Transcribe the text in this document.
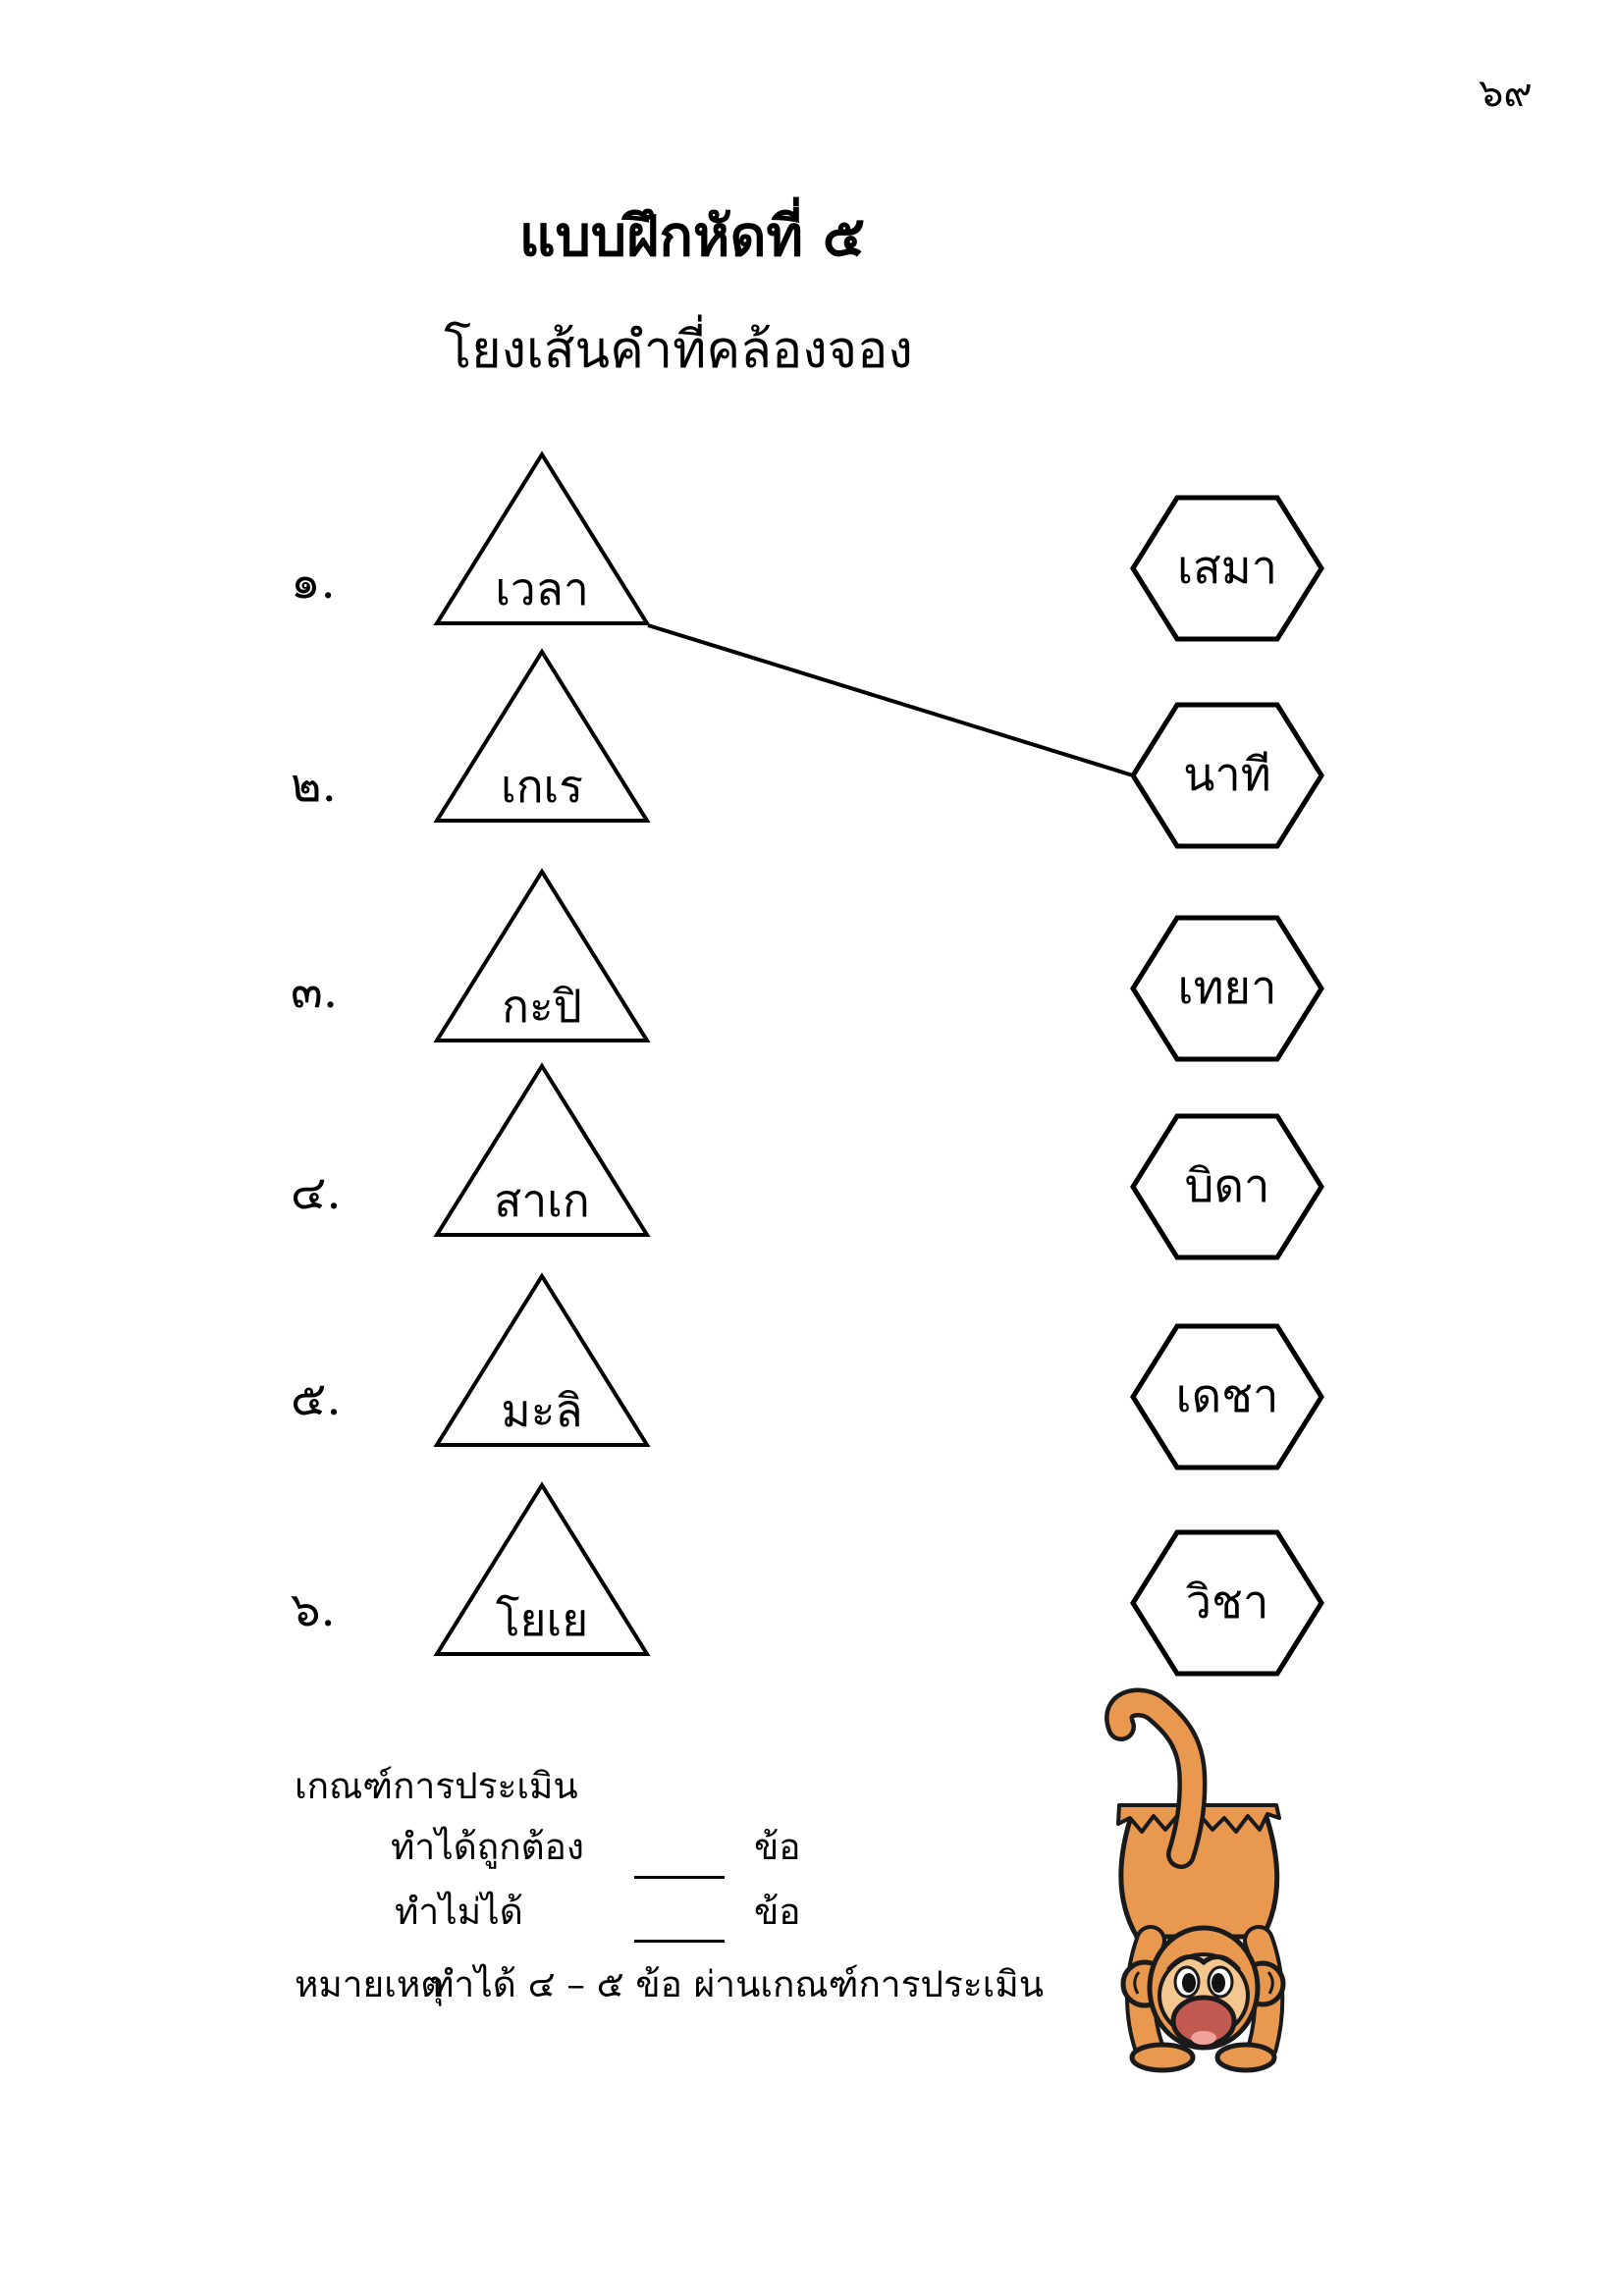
๖๙
แบบฝึกหัดที่ ๕
โยงเส้นคำที่คล้องจอง
๑.
๒.
๓.
๔.
๕.
๖.
เวลา
เกเร
กะปิ
สาเก
มะลิ
โยเย
เสมา
นาที
เทยา
บิดา
เดชา
วิชา
เกณฑ์การประเมิน
ทำได้ถูกต้อง	ข้อ
ทำไม่ได้	ข้อ
หมายเหตุ
ทำได้ ๔ – ๕ ข้อ ผ่านเกณฑ์การประเมิน
